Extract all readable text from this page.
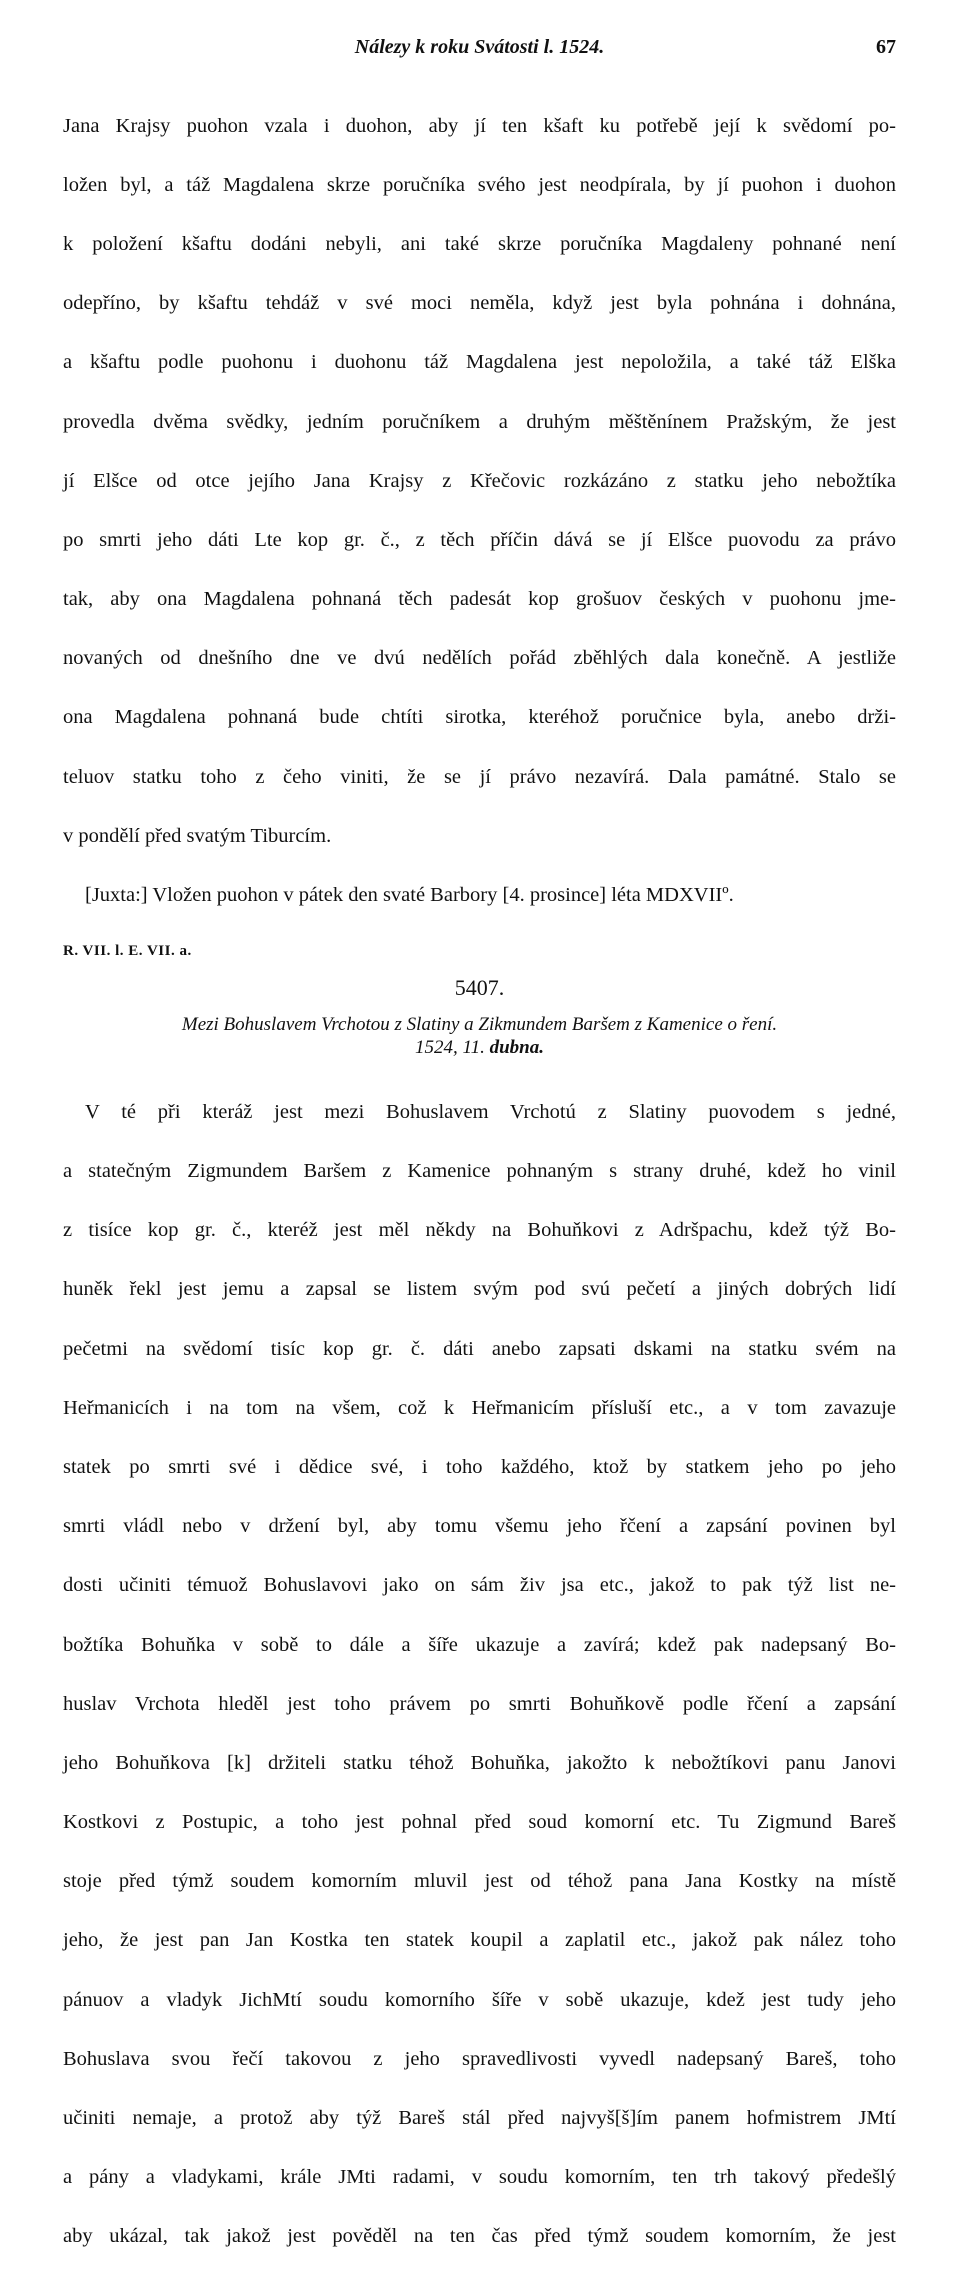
Nálezy k roku Svátosti l. 1524.	67

Jana Krajsy puohon vzala i duohon, aby jí ten kšaft ku potřebě její k svědomí po-

ložen byl, a táž Magdalena skrze poručníka svého jest neodpírala, by jí puohon i duohon

k položení kšaftu dodáni nebyli, ani také skrze poručníka Magdaleny pohnané není

odepříno, by kšaftu tehdáž v své moci neměla, když jest byla pohnána i dohnána,

a kšaftu podle puohonu i duohonu táž Magdalena jest nepoložila, a také táž Elška

provedla dvěma svědky, jedním poručníkem a druhým měštěnínem Pražským, že jest

jí Elšce od otce jejího Jana Krajsy z Křečovic rozkázáno z statku jeho nebožtíka

po smrti jeho dáti Lte kop gr. č., z těch příčin dává se jí Elšce puovodu za právo

tak, aby ona Magdalena pohnaná těch padesát kop grošuov českých v puohonu jme-

novaných od dnešního dne ve dvú nedělích pořád zběhlých dala konečně. A jestliže

ona Magdalena pohnaná bude chtíti sirotka, kteréhož poručnice byla, anebo drži-

teluov statku toho z čeho viniti, že se jí právo nezavírá. Dala památné. Stalo se

v pondělí před svatým Tiburcím.

[Juxta:] Vložen puohon v pátek den svaté Barbory [4. prosince] léta MDXVIIº.

R. VII. l. E. VII. a.
5407.
Mezi Bohuslavem Vrchotou z Slatiny a Zikmundem Baršem z Kamenice o ření.
1524, 11. dubna.

V té při kteráž jest mezi Bohuslavem Vrchotú z Slatiny puovodem s jedné,

a statečným Zigmundem Baršem z Kamenice pohnaným s strany druhé, kdež ho vinil

z tisíce kop gr. č., kteréž jest měl někdy na Bohuňkovi z Adršpachu, kdež týž Bo-

huněk řekl jest jemu a zapsal se listem svým pod svú pečetí a jiných dobrých lidí

pečetmi na svědomí tisíc kop gr. č. dáti anebo zapsati dskami na statku svém na

Heřmanicích i na tom na všem, což k Heřmanicím přísluší etc., a v tom zavazuje

statek po smrti své i dědice své, i toho každého, ktož by statkem jeho po jeho

smrti vládl nebo v držení byl, aby tomu všemu jeho řčení a zapsání povinen byl

dosti učiniti témuož Bohuslavovi jako on sám živ jsa etc., jakož to pak týž list ne-

božtíka Bohuňka v sobě to dále a šíře ukazuje a zavírá; kdež pak nadepsaný Bo-

huslav Vrchota hleděl jest toho právem po smrti Bohuňkově podle řčení a zapsání

jeho Bohuňkova [k] držiteli statku téhož Bohuňka, jakožto k nebožtíkovi panu Janovi

Kostkovi z Postupic, a toho jest pohnal před soud komorní etc. Tu Zigmund Bareš

stoje před týmž soudem komorním mluvil jest od téhož pana Jana Kostky na místě

jeho, že jest pan Jan Kostka ten statek koupil a zaplatil etc., jakož pak nález toho

pánuov a vladyk JichMtí soudu komorního šíře v sobě ukazuje, kdež jest tudy jeho

Bohuslava svou řečí takovou z jeho spravedlivosti vyvedl nadepsaný Bareš, toho

učiniti nemaje, a protož aby týž Bareš stál před najvyš[š]ím panem hofmistrem JMtí

a pány a vladykami, krále JMti radami, v soudu komorním, ten trh takový předešlý

aby ukázal, tak jakož jest pověděl na ten čas před týmž soudem komorním, že jest
